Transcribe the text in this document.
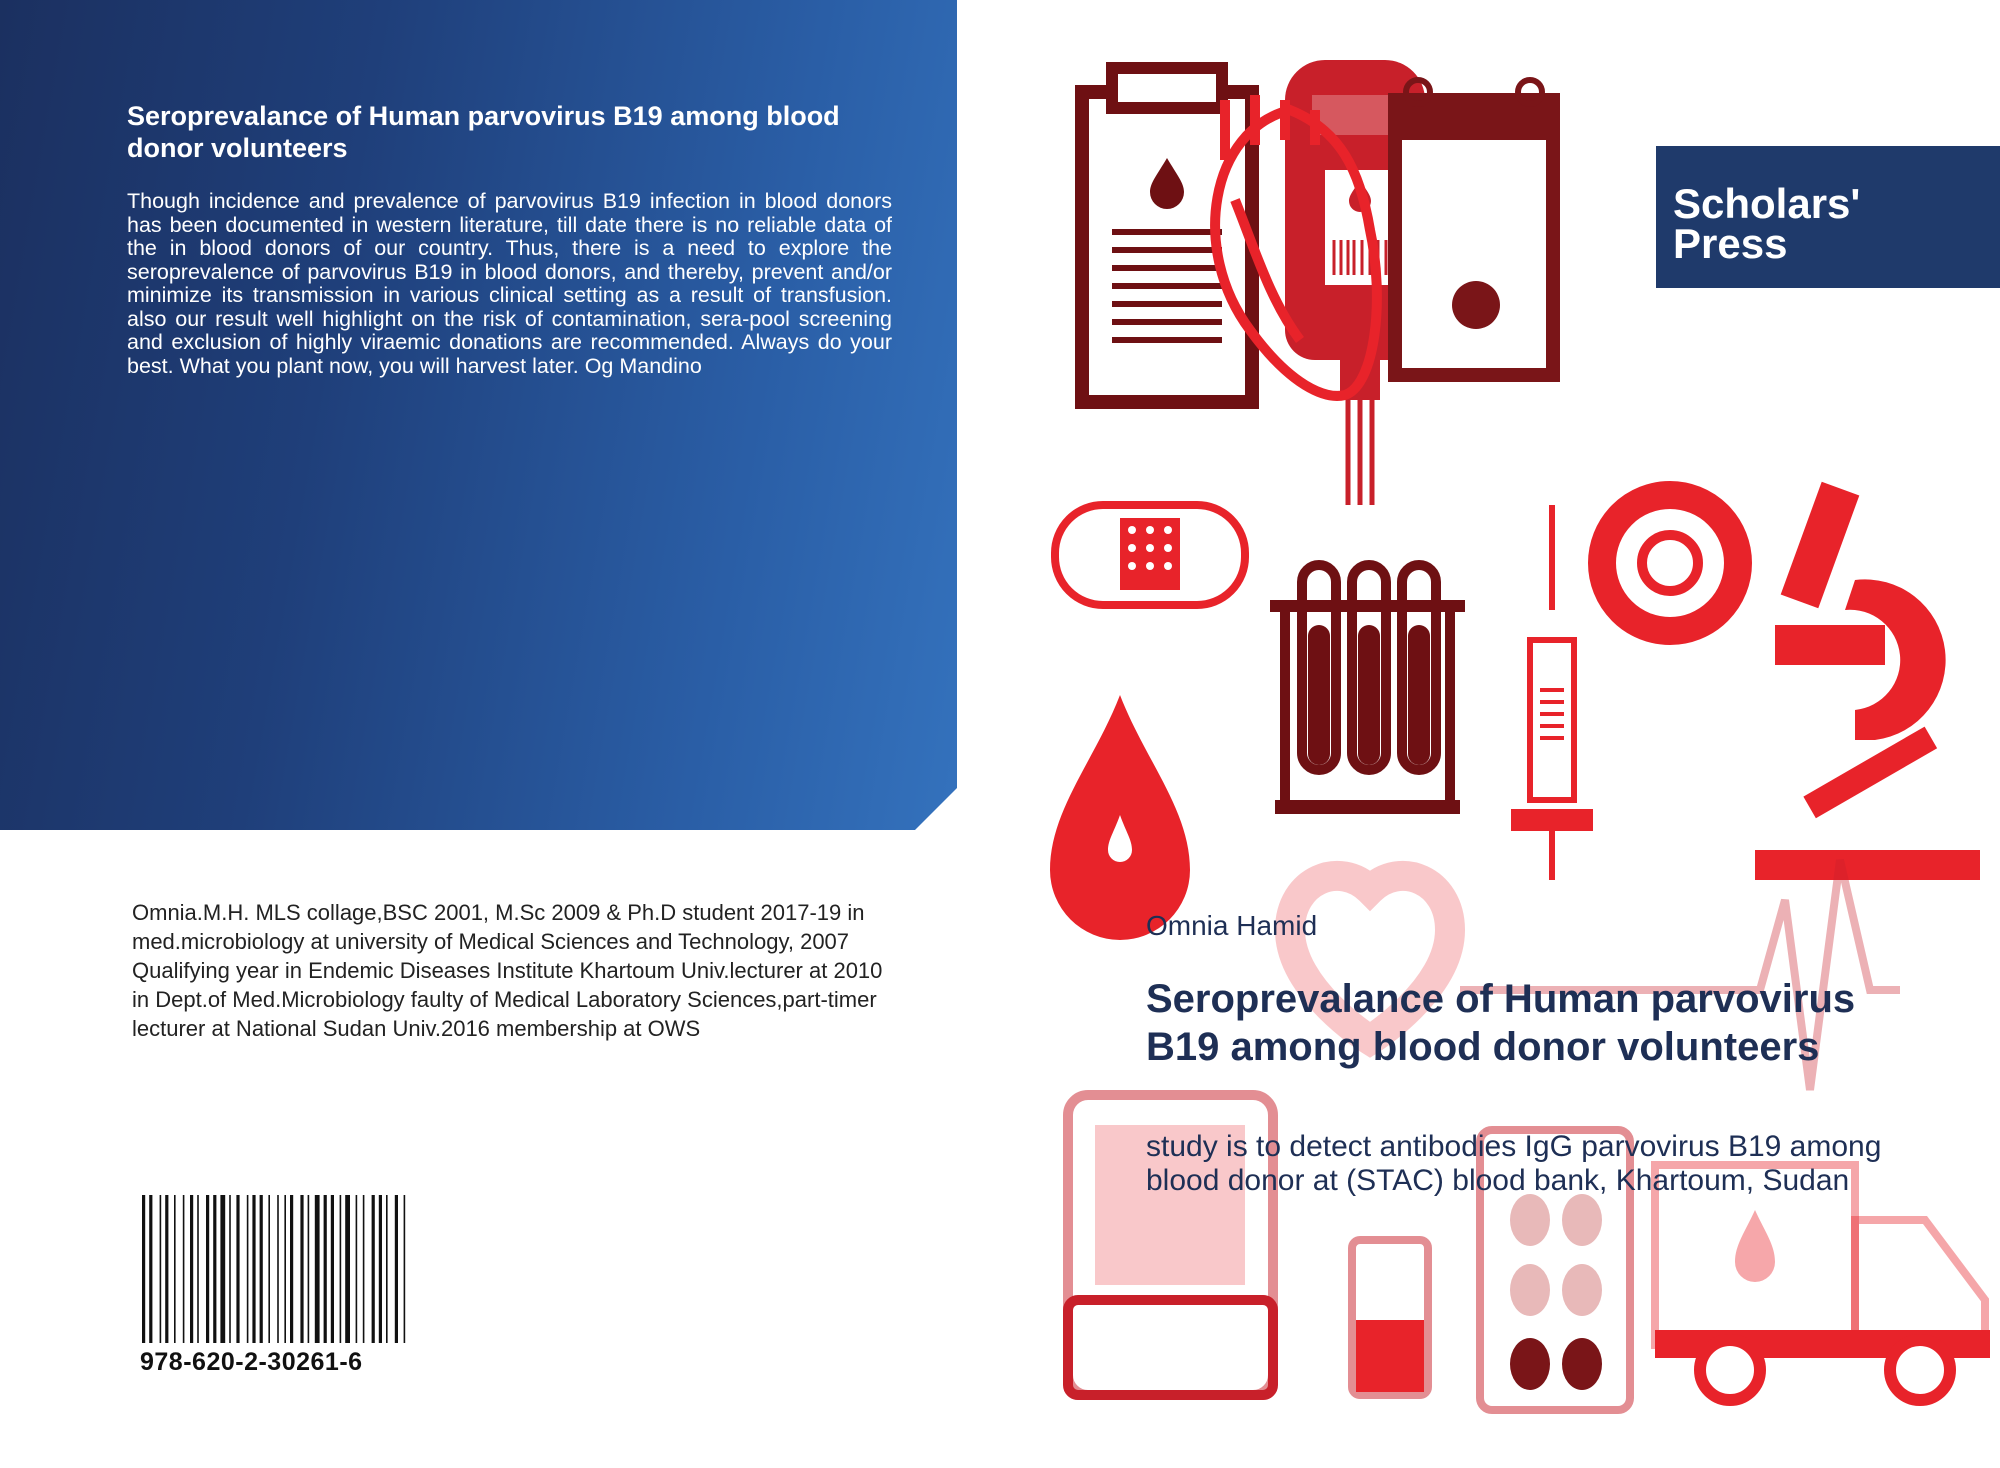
Seroprevalance of Human parvovirus B19 among blood donor volunteers
Though incidence and prevalence of parvovirus B19 infection in blood donors has been documented in western literature, till date there is no reliable data of the in blood donors of our country. Thus, there is a need to explore the seroprevalence of parvovirus B19 in blood donors, and thereby, prevent and/or minimize its transmission in various clinical setting as a result of transfusion. also our result well highlight on the risk of contamination, sera-pool screening and exclusion of highly viraemic donations are recommended. Always do your best. What you plant now, you will harvest later. Og Mandino
Omnia.M.H. MLS collage,BSC 2001, M.Sc 2009 & Ph.D student 2017-19 in med.microbiology at university of Medical Sciences and Technology, 2007 Qualifying year in Endemic Diseases Institute Khartoum Univ.lecturer at 2010 in Dept.of Med.Microbiology faulty of Medical Laboratory Sciences,part-timer lecturer at National Sudan Univ.2016 membership at OWS
978-620-2-30261-6
Scholars'
Press
Omnia Hamid
Seroprevalance of Human parvovirus B19 among blood donor volunteers
study is to detect antibodies IgG parvovirus B19 among blood donor at (STAC) blood bank, Khartoum, Sudan
